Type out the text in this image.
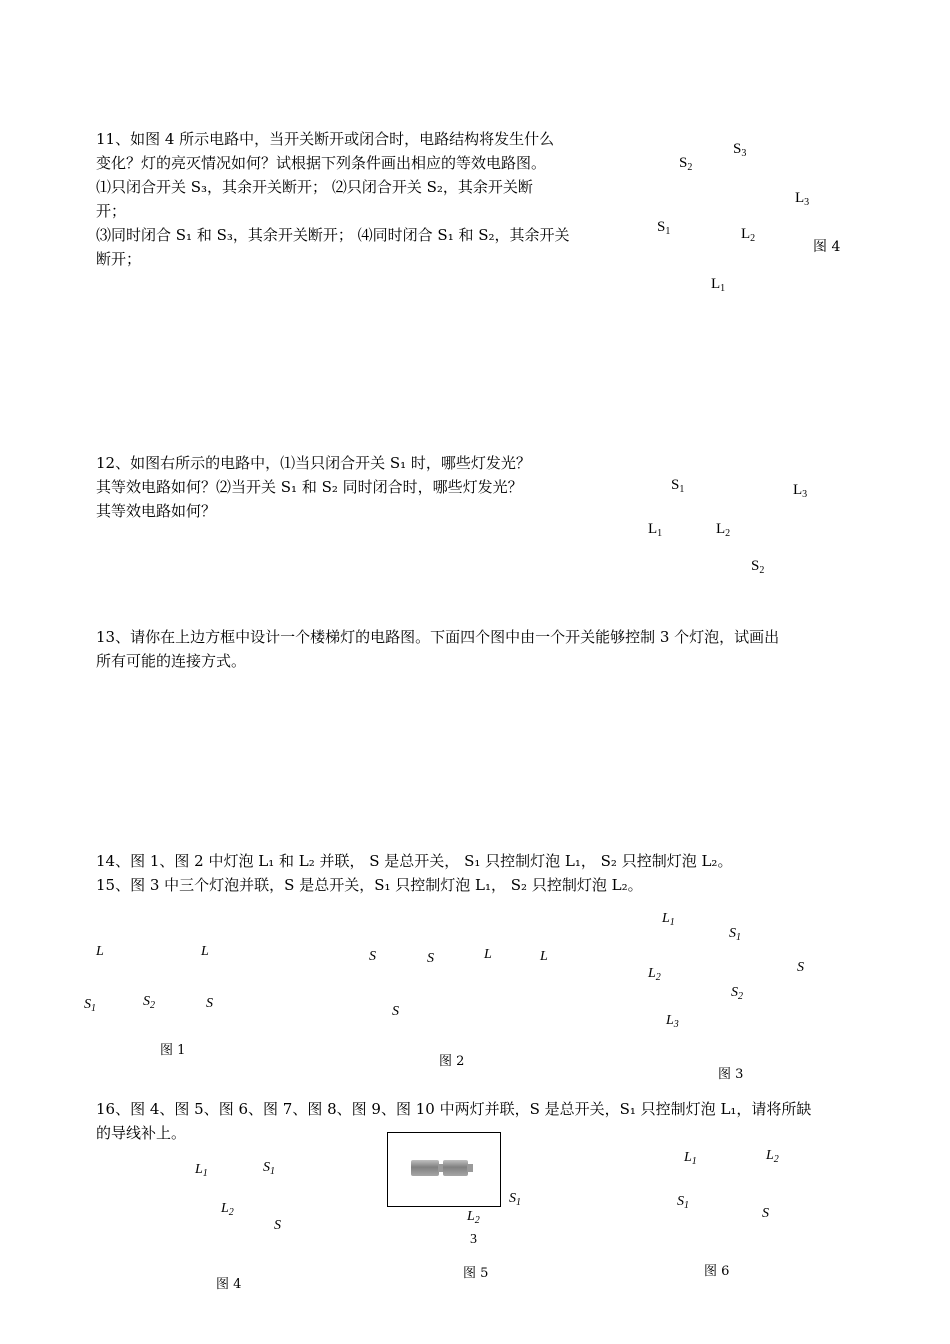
11、如图 4 所示电路中，当开关断开或闭合时，电路结构将发生什么
变化？灯的亮灭情况如何？试根据下列条件画出相应的等效电路图。
⑴只闭合开关 S₃，其余开关断开； ⑵只闭合开关 S₂，其余开关断
开；
⑶同时闭合 S₁ 和 S₃，其余开关断开； ⑷同时闭合 S₁ 和 S₂，其余开关
断开；
$S_3$
$S_2$
$L_3$
$S_1$	$L_2$
图 4
$L_1$
12、如图右所示的电路中，⑴当只闭合开关 S₁ 时，哪些灯发光？
其等效电路如何？⑵当开关 S₁ 和 S₂ 同时闭合时，哪些灯发光？
其等效电路如何？
$S_1$	$L_3$
$L_1$	$L_2$
$S_2$
13、请你在上边方框中设计一个楼梯灯的电路图。下面四个图中由一个开关能够控制 3 个灯泡，试画出
所有可能的连接方式。
14、图 1、图 2 中灯泡 L₁ 和 L₂ 并联， S 是总开关， S₁ 只控制灯泡 L₁， S₂ 只控制灯泡 L₂。
15、图 3 中三个灯泡并联，S 是总开关，S₁ 只控制灯泡 L₁， S₂ 只控制灯泡 L₂。
L	L
$S_1$	$S_2$	S
图 1
S	S	L	L
S
图 2
$L_1$
$S_1$
S
$L_2$
$S_2$
$L_3$
图 3
16、图 4、图 5、图 6、图 7、图 8、图 9、图 10 中两灯并联，S 是总开关，S₁ 只控制灯泡 L₁，请将所缺
的导线补上。
$L_1$	$S_1$
$L_2$
S
图 4
$S_1$
$L_2$
3
图 5
$L_1$	$L_2$
$S_1$
S
图 6
